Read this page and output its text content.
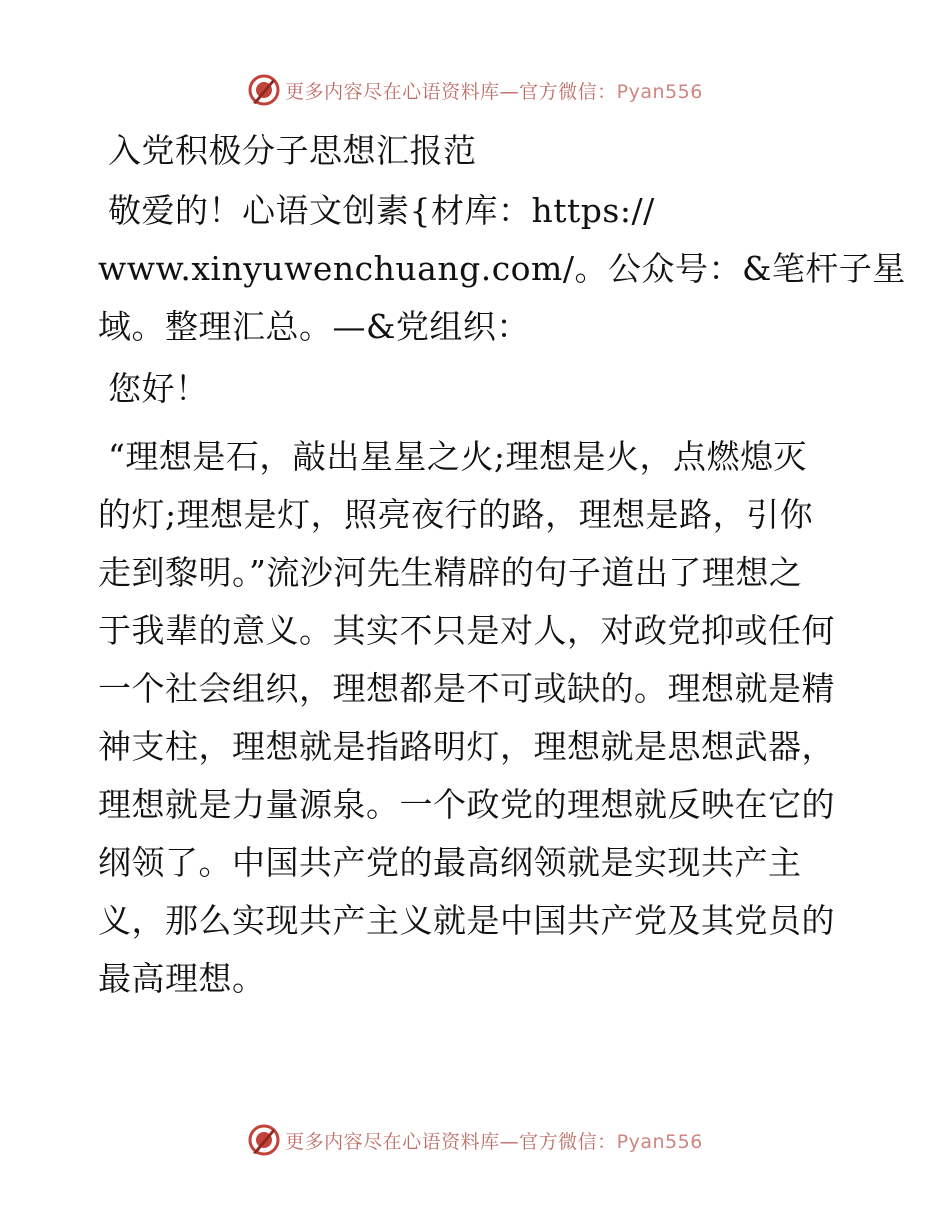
更多内容尽在心语资料库—官方微信：Pyan556
入党积极分子思想汇报范
敬爱的！心语文创素{材库：https://
www.xinyuwenchuang.com/。公众号：&笔杆子星
域。整理汇总。—&党组织：
您好！
“理想是石，敲出星星之火;理想是火，点燃熄灭
的灯;理想是灯，照亮夜行的路，理想是路，引你
走到黎明。”流沙河先生精辟的句子道出了理想之
于我辈的意义。其实不只是对人，对政党抑或任何
一个社会组织，理想都是不可或缺的。理想就是精
神支柱，理想就是指路明灯，理想就是思想武器，
理想就是力量源泉。一个政党的理想就反映在它的
纲领了。中国共产党的最高纲领就是实现共产主
义，那么实现共产主义就是中国共产党及其党员的
最高理想。
更多内容尽在心语资料库—官方微信：Pyan556
